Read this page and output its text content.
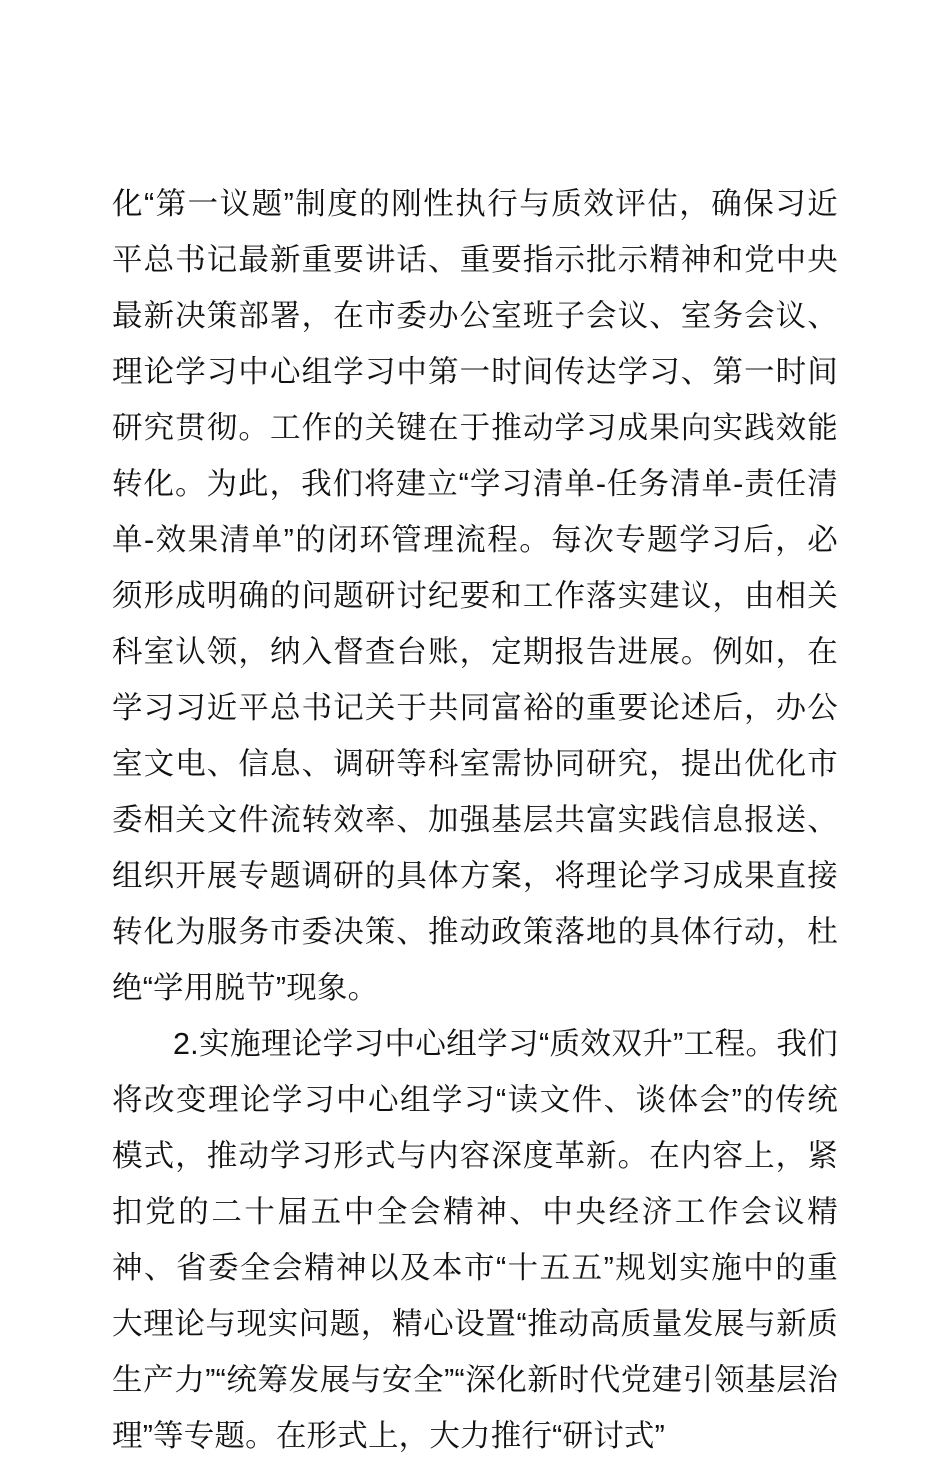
化“第一议题”制度的刚性执行与质效评估，确保习近平总书记最新重要讲话、重要指示批示精神和党中央最新决策部署，在市委办公室班子会议、室务会议、理论学习中心组学习中第一时间传达学习、第一时间研究贯彻。工作的关键在于推动学习成果向实践效能转化。为此，我们将建立“学习清单-任务清单-责任清单-效果清单”的闭环管理流程。每次专题学习后，必须形成明确的问题研讨纪要和工作落实建议，由相关科室认领，纳入督查台账，定期报告进展。例如，在学习习近平总书记关于共同富裕的重要论述后，办公室文电、信息、调研等科室需协同研究，提出优化市委相关文件流转效率、加强基层共富实践信息报送、组织开展专题调研的具体方案，将理论学习成果直接转化为服务市委决策、推动政策落地的具体行动，杜绝“学用脱节”现象。

2.实施理论学习中心组学习“质效双升”工程。我们将改变理论学习中心组学习“读文件、谈体会”的传统模式，推动学习形式与内容深度革新。在内容上，紧扣党的二十届五中全会精神、中央经济工作会议精神、省委全会精神以及本市“十五五”规划实施中的重大理论与现实问题，精心设置“推动高质量发展与新质生产力”“统筹发展与安全”“深化新时代党建引领基层治理”等专题。在形式上，大力推行“研讨式”
